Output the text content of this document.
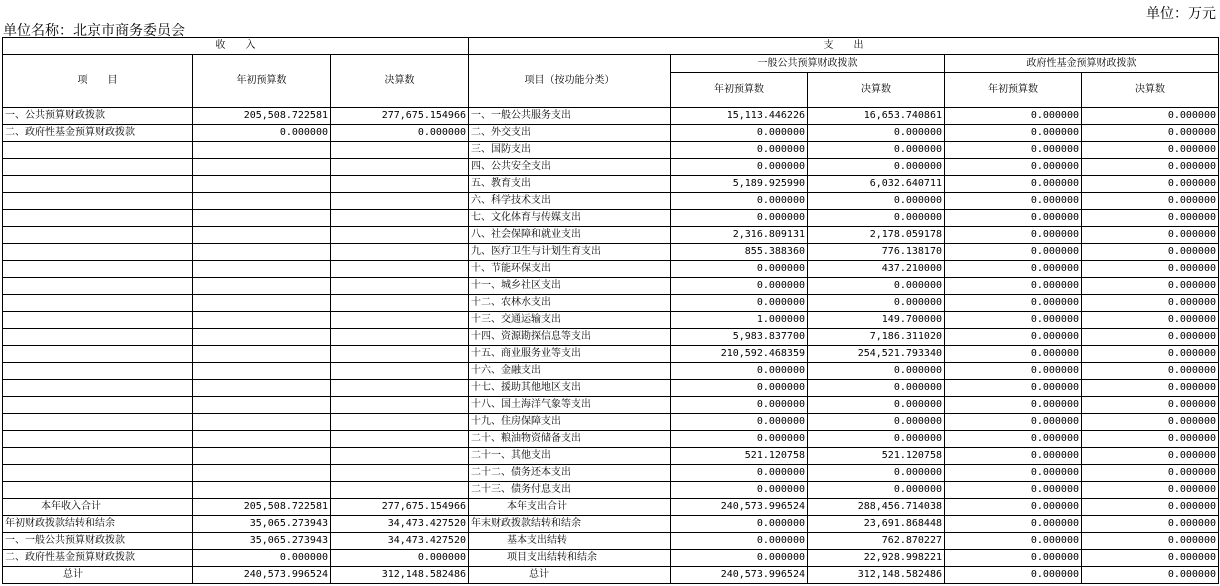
单位：万元
单位名称：北京市商务委员会
收　　入			支　　出				
项　　目	年初预算数	决算数	项目（按功能分类）	一般公共预算财政拨款		政府性基金预算财政拨款	
				年初预算数	决算数	年初预算数	决算数
一、公共预算财政拨款	205,508.722581	277,675.154966	一、一般公共服务支出	15,113.446226	16,653.740861	0.000000	0.000000
二、政府性基金预算财政拨款	0.000000	0.000000	二、外交支出	0.000000	0.000000	0.000000	0.000000
			三、国防支出	0.000000	0.000000	0.000000	0.000000
			四、公共安全支出	0.000000	0.000000	0.000000	0.000000
			五、教育支出	5,189.925990	6,032.640711	0.000000	0.000000
			六、科学技术支出	0.000000	0.000000	0.000000	0.000000
			七、文化体育与传媒支出	0.000000	0.000000	0.000000	0.000000
			八、社会保障和就业支出	2,316.809131	2,178.059178	0.000000	0.000000
			九、医疗卫生与计划生育支出	855.388360	776.138170	0.000000	0.000000
			十、节能环保支出	0.000000	437.210000	0.000000	0.000000
			十一、城乡社区支出	0.000000	0.000000	0.000000	0.000000
			十二、农林水支出	0.000000	0.000000	0.000000	0.000000
			十三、交通运输支出	1.000000	149.700000	0.000000	0.000000
			十四、资源勘探信息等支出	5,983.837700	7,186.311020	0.000000	0.000000
			十五、商业服务业等支出	210,592.468359	254,521.793340	0.000000	0.000000
			十六、金融支出	0.000000	0.000000	0.000000	0.000000
			十七、援助其他地区支出	0.000000	0.000000	0.000000	0.000000
			十八、国土海洋气象等支出	0.000000	0.000000	0.000000	0.000000
			十九、住房保障支出	0.000000	0.000000	0.000000	0.000000
			二十、粮油物资储备支出	0.000000	0.000000	0.000000	0.000000
			二十一、其他支出	521.120758	521.120758	0.000000	0.000000
			二十二、债务还本支出	0.000000	0.000000	0.000000	0.000000
			二十三、债务付息支出	0.000000	0.000000	0.000000	0.000000
本年收入合计	205,508.722581	277,675.154966	本年支出合计	240,573.996524	288,456.714038	0.000000	0.000000
年初财政拨款结转和结余	35,065.273943	34,473.427520	年末财政拨款结转和结余	0.000000	23,691.868448	0.000000	0.000000
一、一般公共预算财政拨款	35,065.273943	34,473.427520	基本支出结转	0.000000	762.870227	0.000000	0.000000
二、政府性基金预算财政拨款	0.000000	0.000000	项目支出结转和结余	0.000000	22,928.998221	0.000000	0.000000
总计	240,573.996524	312,148.582486	总计	240,573.996524	312,148.582486	0.000000	0.000000
